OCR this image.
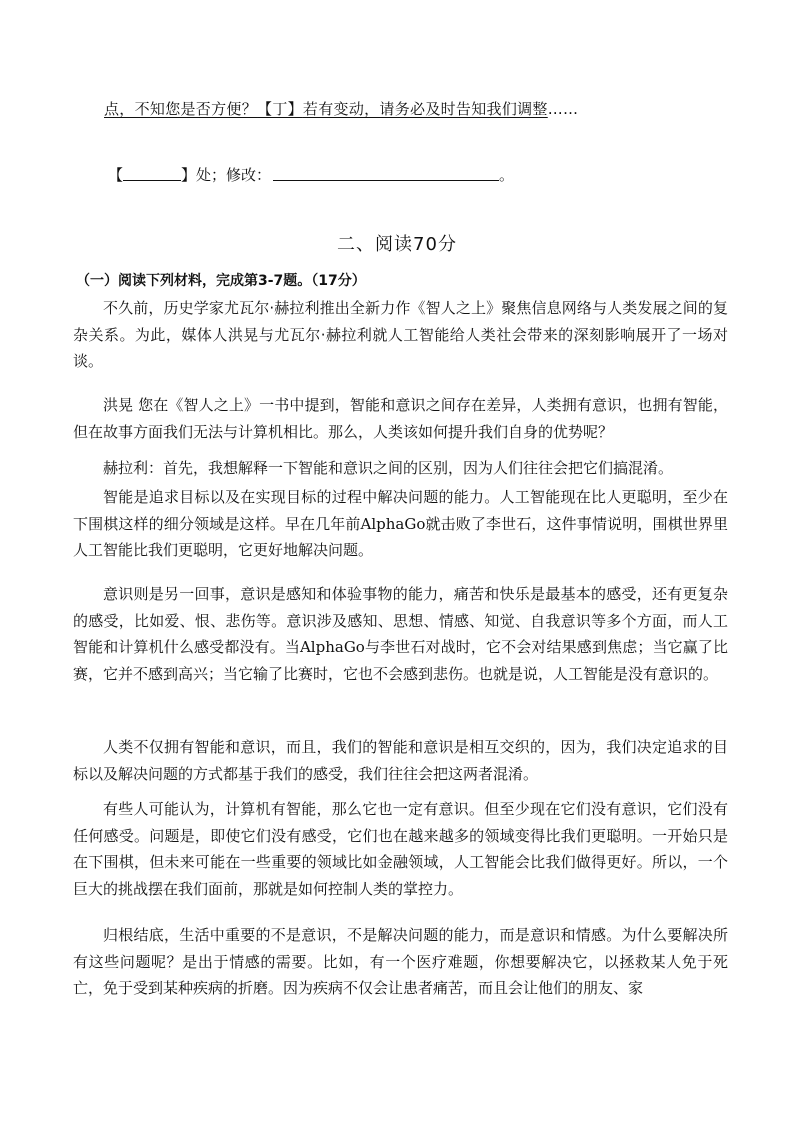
点，不知您是否方便？【丁】若有变动，请务必及时告知我们调整……
【	】处；修改：	。
二、阅读70分
（一）阅读下列材料，完成第3-7题。（17分）

不久前，历史学家尤瓦尔·赫拉利推出全新力作《智人之上》聚焦信息网络与人类发展之间的复杂关系。为此，媒体人洪晃与尤瓦尔·赫拉利就人工智能给人类社会带来的深刻影响展开了一场对谈。

洪晃 您在《智人之上》一书中提到，智能和意识之间存在差异，人类拥有意识，也拥有智能，但在故事方面我们无法与计算机相比。那么，人类该如何提升我们自身的优势呢？

赫拉利：首先，我想解释一下智能和意识之间的区别，因为人们往往会把它们搞混淆。

智能是追求目标以及在实现目标的过程中解决问题的能力。人工智能现在比人更聪明，至少在下围棋这样的细分领域是这样。早在几年前AlphaGo就击败了李世石，这件事情说明，围棋世界里人工智能比我们更聪明，它更好地解决问题。

意识则是另一回事，意识是感知和体验事物的能力，痛苦和快乐是最基本的感受，还有更复杂的感受，比如爱、恨、悲伤等。意识涉及感知、思想、情感、知觉、自我意识等多个方面，而人工智能和计算机什么感受都没有。当AlphaGo与李世石对战时，它不会对结果感到焦虑；当它赢了比赛，它并不感到高兴；当它输了比赛时，它也不会感到悲伤。也就是说，人工智能是没有意识的。

人类不仅拥有智能和意识，而且，我们的智能和意识是相互交织的，因为，我们决定追求的目标以及解决问题的方式都基于我们的感受，我们往往会把这两者混淆。

有些人可能认为，计算机有智能，那么它也一定有意识。但至少现在它们没有意识，它们没有任何感受。问题是，即使它们没有感受，它们也在越来越多的领域变得比我们更聪明。一开始只是在下围棋，但未来可能在一些重要的领域比如金融领域，人工智能会比我们做得更好。所以，一个巨大的挑战摆在我们面前，那就是如何控制人类的掌控力。

归根结底，生活中重要的不是意识，不是解决问题的能力，而是意识和情感。为什么要解决所有这些问题呢？是出于情感的需要。比如，有一个医疗难题，你想要解决它，以拯救某人免于死亡，免于受到某种疾病的折磨。因为疾病不仅会让患者痛苦，而且会让他们的朋友、家
